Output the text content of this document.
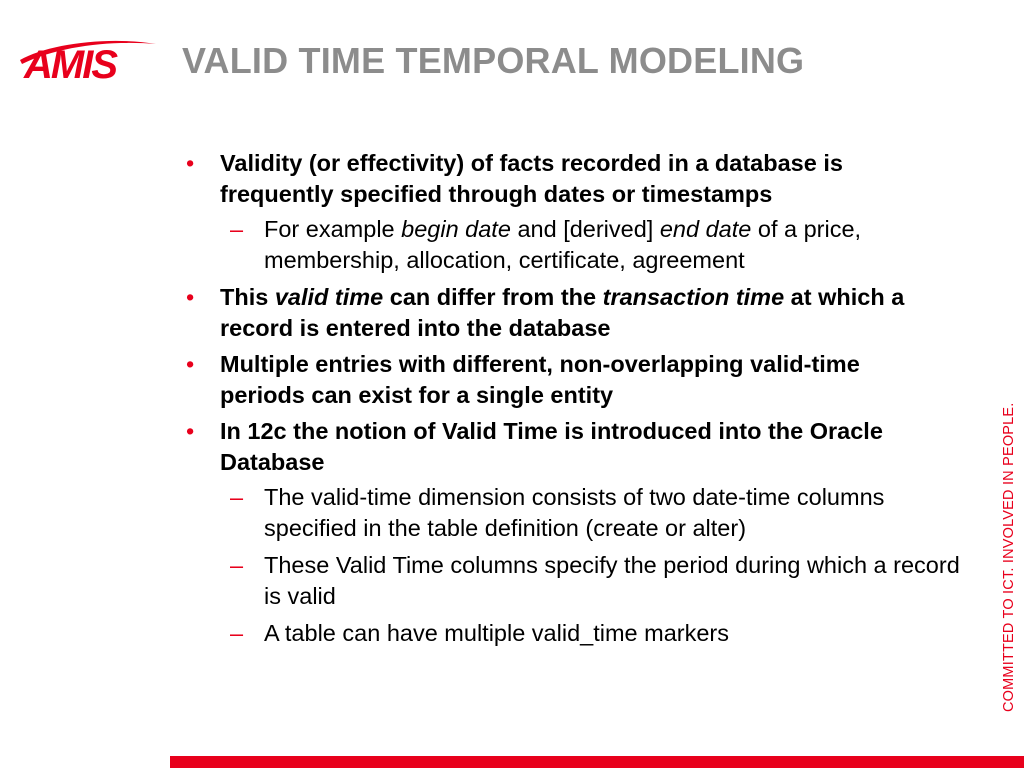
AMIS VALID TIME TEMPORAL MODELING
• Validity (or effectivity) of facts recorded in a database is frequently specified through dates or timestamps
– For example begin date and [derived] end date of a price, membership, allocation, certificate, agreement
• This valid time can differ from the transaction time at which a record is entered into the database
• Multiple entries with different, non-overlapping valid-time periods can exist for a single entity
• In 12c the notion of Valid Time is introduced into the Oracle Database
– The valid-time dimension consists of two date-time columns specified in the table definition (create or alter)
– These Valid Time columns specify the period during which a record is valid
– A table can have multiple valid_time markers	COMMITTED TO ICT. INVOLVED IN PEOPLE.
